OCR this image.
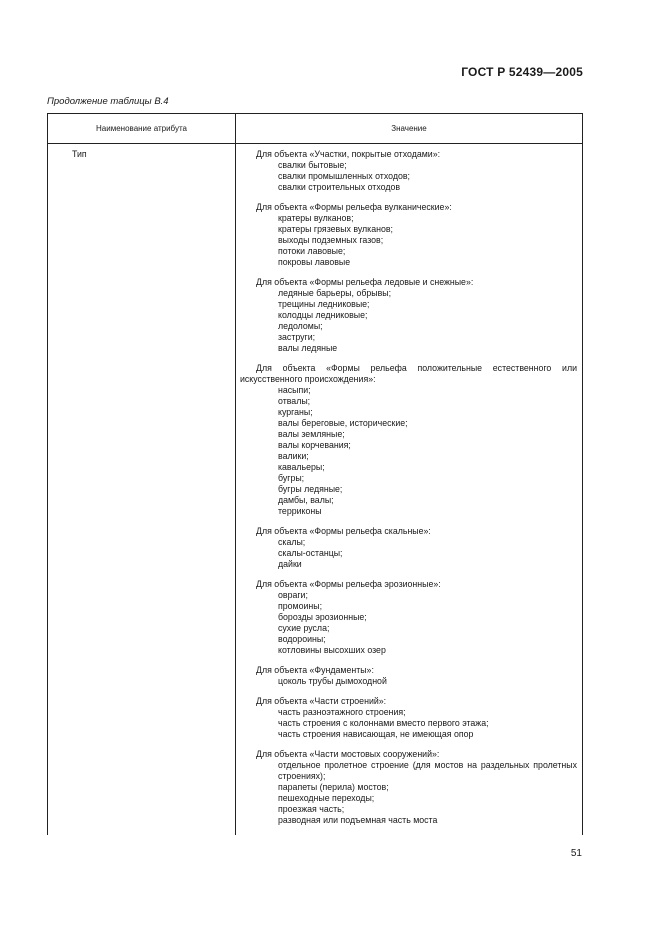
ГОСТ Р 52439—2005
Продолжение таблицы В.4
Наименование атрибута	Значение
Тип	Для объекта «Участки, покрытые отходами»:
свалки бытовые;
свалки промышленных отходов;
свалки строительных отходов
Для объекта «Формы рельефа вулканические»:
кратеры вулканов;
кратеры грязевых вулканов;
выходы подземных газов;
потоки лавовые;
покровы лавовые
Для объекта «Формы рельефа ледовые и снежные»:
ледяные барьеры, обрывы;
трещины ледниковые;
колодцы ледниковые;
ледоломы;
заструги;
валы ледяные
Для объекта «Формы рельефа положительные естественного или искусственного происхождения»:
насыпи;
отвалы;
курганы;
валы береговые, исторические;
валы земляные;
валы корчевания;
валики;
кавальеры;
бугры;
бугры ледяные;
дамбы, валы;
терриконы
Для объекта «Формы рельефа скальные»:
скалы;
скалы-останцы;
дайки
Для объекта «Формы рельефа эрозионные»:
овраги;
промоины;
борозды эрозионные;
сухие русла;
водороины;
котловины высохших озер
Для объекта «Фундаменты»:
цоколь трубы дымоходной
Для объекта «Части строений»:
часть разноэтажного строения;
часть строения с колоннами вместо первого этажа;
часть строения нависающая, не имеющая опор
Для объекта «Части мостовых сооружений»:
отдельное пролетное строение (для мостов на раздельных пролетных строениях);
парапеты (перила) мостов;
пешеходные переходы;
проезжая часть;
разводная или подъемная часть моста
51
